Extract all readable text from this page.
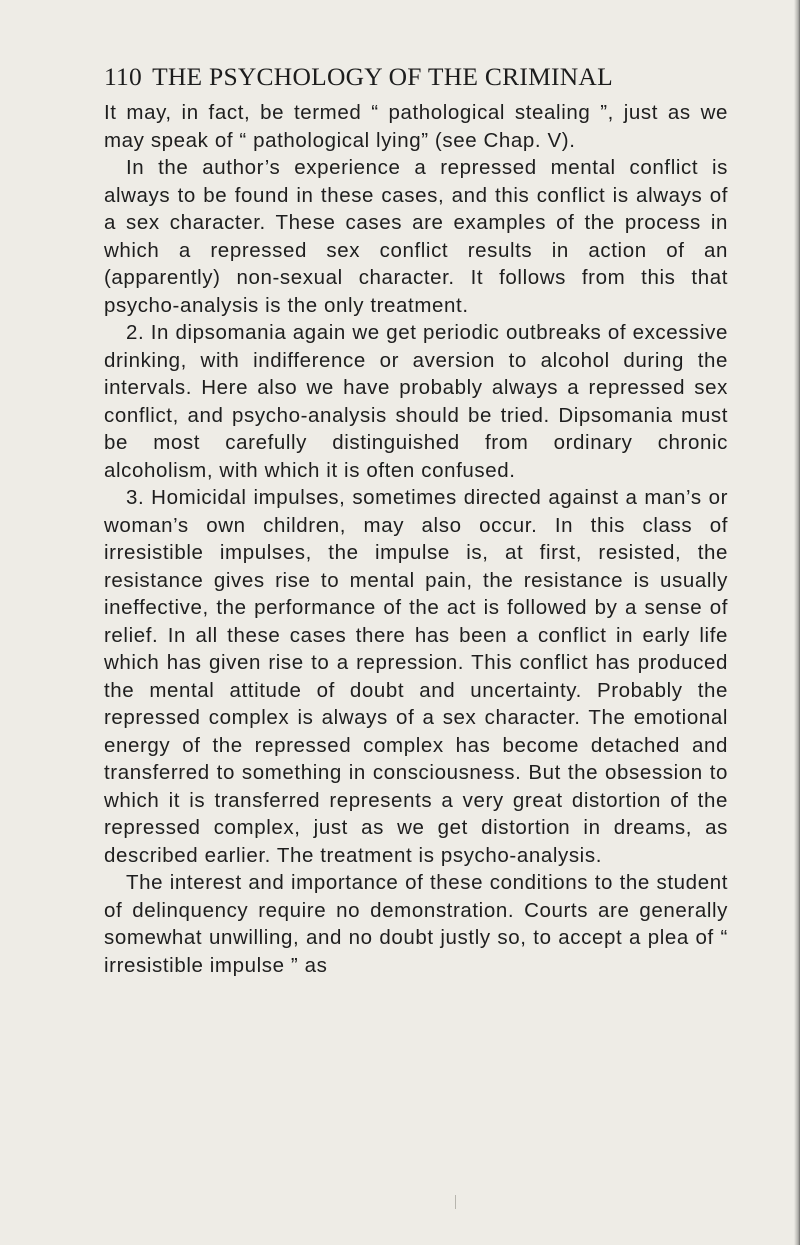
110 THE PSYCHOLOGY OF THE CRIMINAL

It may, in fact, be termed “ pathological stealing ”, just as we may speak of “ pathological lying” (see Chap. V).

In the author’s experience a repressed mental conflict is always to be found in these cases, and this conflict is always of a sex character. These cases are examples of the process in which a repressed sex conflict results in action of an (apparently) non-sexual character. It follows from this that psycho-analysis is the only treatment.

2. In dipsomania again we get periodic outbreaks of excessive drinking, with indifference or aversion to alcohol during the intervals. Here also we have probably always a repressed sex conflict, and psycho-analysis should be tried. Dipsomania must be most carefully distinguished from ordinary chronic alcoholism, with which it is often confused.

3. Homicidal impulses, sometimes directed against a man’s or woman’s own children, may also occur. In this class of irresistible impulses, the impulse is, at first, resisted, the resistance gives rise to mental pain, the resistance is usually ineffective, the performance of the act is followed by a sense of relief. In all these cases there has been a conflict in early life which has given rise to a repression. This conflict has produced the mental attitude of doubt and uncertainty. Probably the repressed complex is always of a sex character. The emotional energy of the repressed complex has become detached and transferred to something in consciousness. But the obsession to which it is transferred represents a very great distortion of the repressed complex, just as we get distortion in dreams, as described earlier. The treatment is psycho-analysis.

The interest and importance of these conditions to the student of delinquency require no demonstration. Courts are generally somewhat unwilling, and no doubt justly so, to accept a plea of “ irresistible impulse ” as
